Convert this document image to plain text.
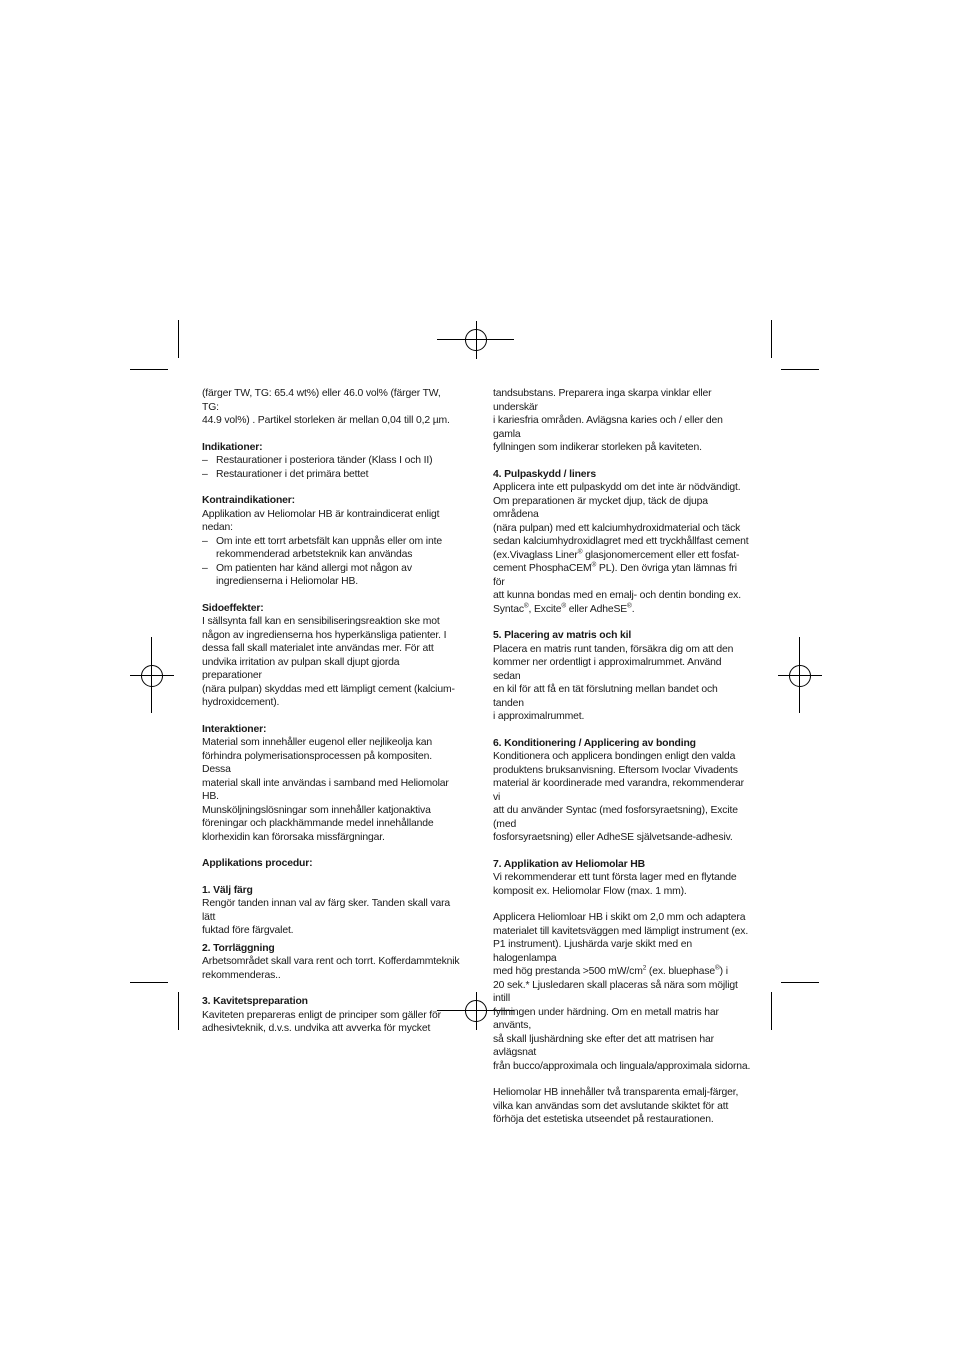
(färger TW, TG: 65.4 wt%) eller 46.0 vol% (färger TW, TG:

44.9 vol%) . Partikel storleken är mellan 0,04 till 0,2 µm.

Indikationer:
– Restaurationer i posteriora tänder (Klass I och II)
– Restaurationer i det primära bettet
Kontraindikationer:

Applikation av Heliomolar HB är kontraindicerat enligt

nedan:

– Om inte ett torrt arbetsfält kan uppnås eller om inte
rekommenderad arbetsteknik kan användas
– Om patienten har känd allergi mot någon av
ingredienserna i Heliomolar HB.
Sidoeffekter:

I sällsynta fall kan en sensibiliseringsreaktion ske mot

någon av ingredienserna hos hyperkänsliga patienter. I

dessa fall skall materialet inte användas mer. För att

undvika irritation av pulpan skall djupt gjorda preparationer

(nära pulpan) skyddas med ett lämpligt cement (kalcium-

hydroxidcement).

Interaktioner:

Material som innehåller eugenol eller nejlikeolja kan

förhindra polymerisationsprocessen på kompositen. Dessa

material skall inte användas i samband med Heliomolar HB.

Munsköljningslösningar som innehåller katjonaktiva

föreningar och plackhämmande medel innehållande

klorhexidin kan förorsaka missfärgningar.

Applikations procedur:
1. Välj färg

Rengör tanden innan val av färg sker. Tanden skall vara lätt

fuktad före färgvalet.

2. Torrläggning

Arbetsområdet skall vara rent och torrt. Kofferdammteknik

rekommenderas..

3. Kavitetspreparation

Kaviteten prepareras enligt de principer som gäller för

adhesivteknik, d.v.s. undvika att avverka för mycket

tandsubstans. Preparera inga skarpa vinklar eller underskär

i kariesfria områden. Avlägsna karies och / eller den gamla

fyllningen som indikerar storleken på kaviteten.

4. Pulpaskydd / liners

Applicera inte ett pulpaskydd om det inte är nödvändigt.

Om preparationen är mycket djup, täck de djupa områdena

(nära pulpan) med ett kalciumhydroxidmaterial och täck

sedan kalciumhydroxidlagret med ett tryckhållfast cement

(ex.Vivaglass Liner® glasjonomercement eller ett fosfat-

cement PhosphaCEM® PL). Den övriga ytan lämnas fri för

att kunna bondas med en emalj- och dentin bonding ex.

Syntac®, Excite® eller AdheSE®.

5. Placering av matris och kil

Placera en matris runt tanden, försäkra dig om att den

kommer ner ordentligt i approximalrummet. Använd sedan

en kil för att få en tät förslutning mellan bandet och tanden

i approximalrummet.

6. Konditionering / Applicering av bonding

Konditionera och applicera bondingen enligt den valda

produktens bruksanvisning. Eftersom Ivoclar Vivadents

material är koordinerade med varandra, rekommenderar vi

att du använder Syntac (med fosforsyraetsning), Excite (med

fosforsyraetsning) eller AdheSE självetsande-adhesiv.

7. Applikation av Heliomolar HB

Vi rekommenderar ett tunt första lager med en flytande

komposit ex. Heliomolar Flow (max. 1 mm).

Applicera Heliomloar HB i skikt om 2,0 mm och adaptera

materialet till kavitetsväggen med lämpligt instrument (ex.

P1 instrument). Ljushärda varje skikt med en halogenlampa

med hög prestanda >500 $mW/cm^2$ (ex. bluephase®) i

20 sek.* Ljusledaren skall placeras så nära som möjligt intill

fyllningen under härdning. Om en metall matris har använts,

så skall ljushärdning ske efter det att matrisen har avlägsnat

från bucco/approximala och linguala/approximala sidorna.

Heliomolar HB innehåller två transparenta emalj-färger,

vilka kan användas som det avslutande skiktet för att

förhöja det estetiska utseendet på restaurationen.
